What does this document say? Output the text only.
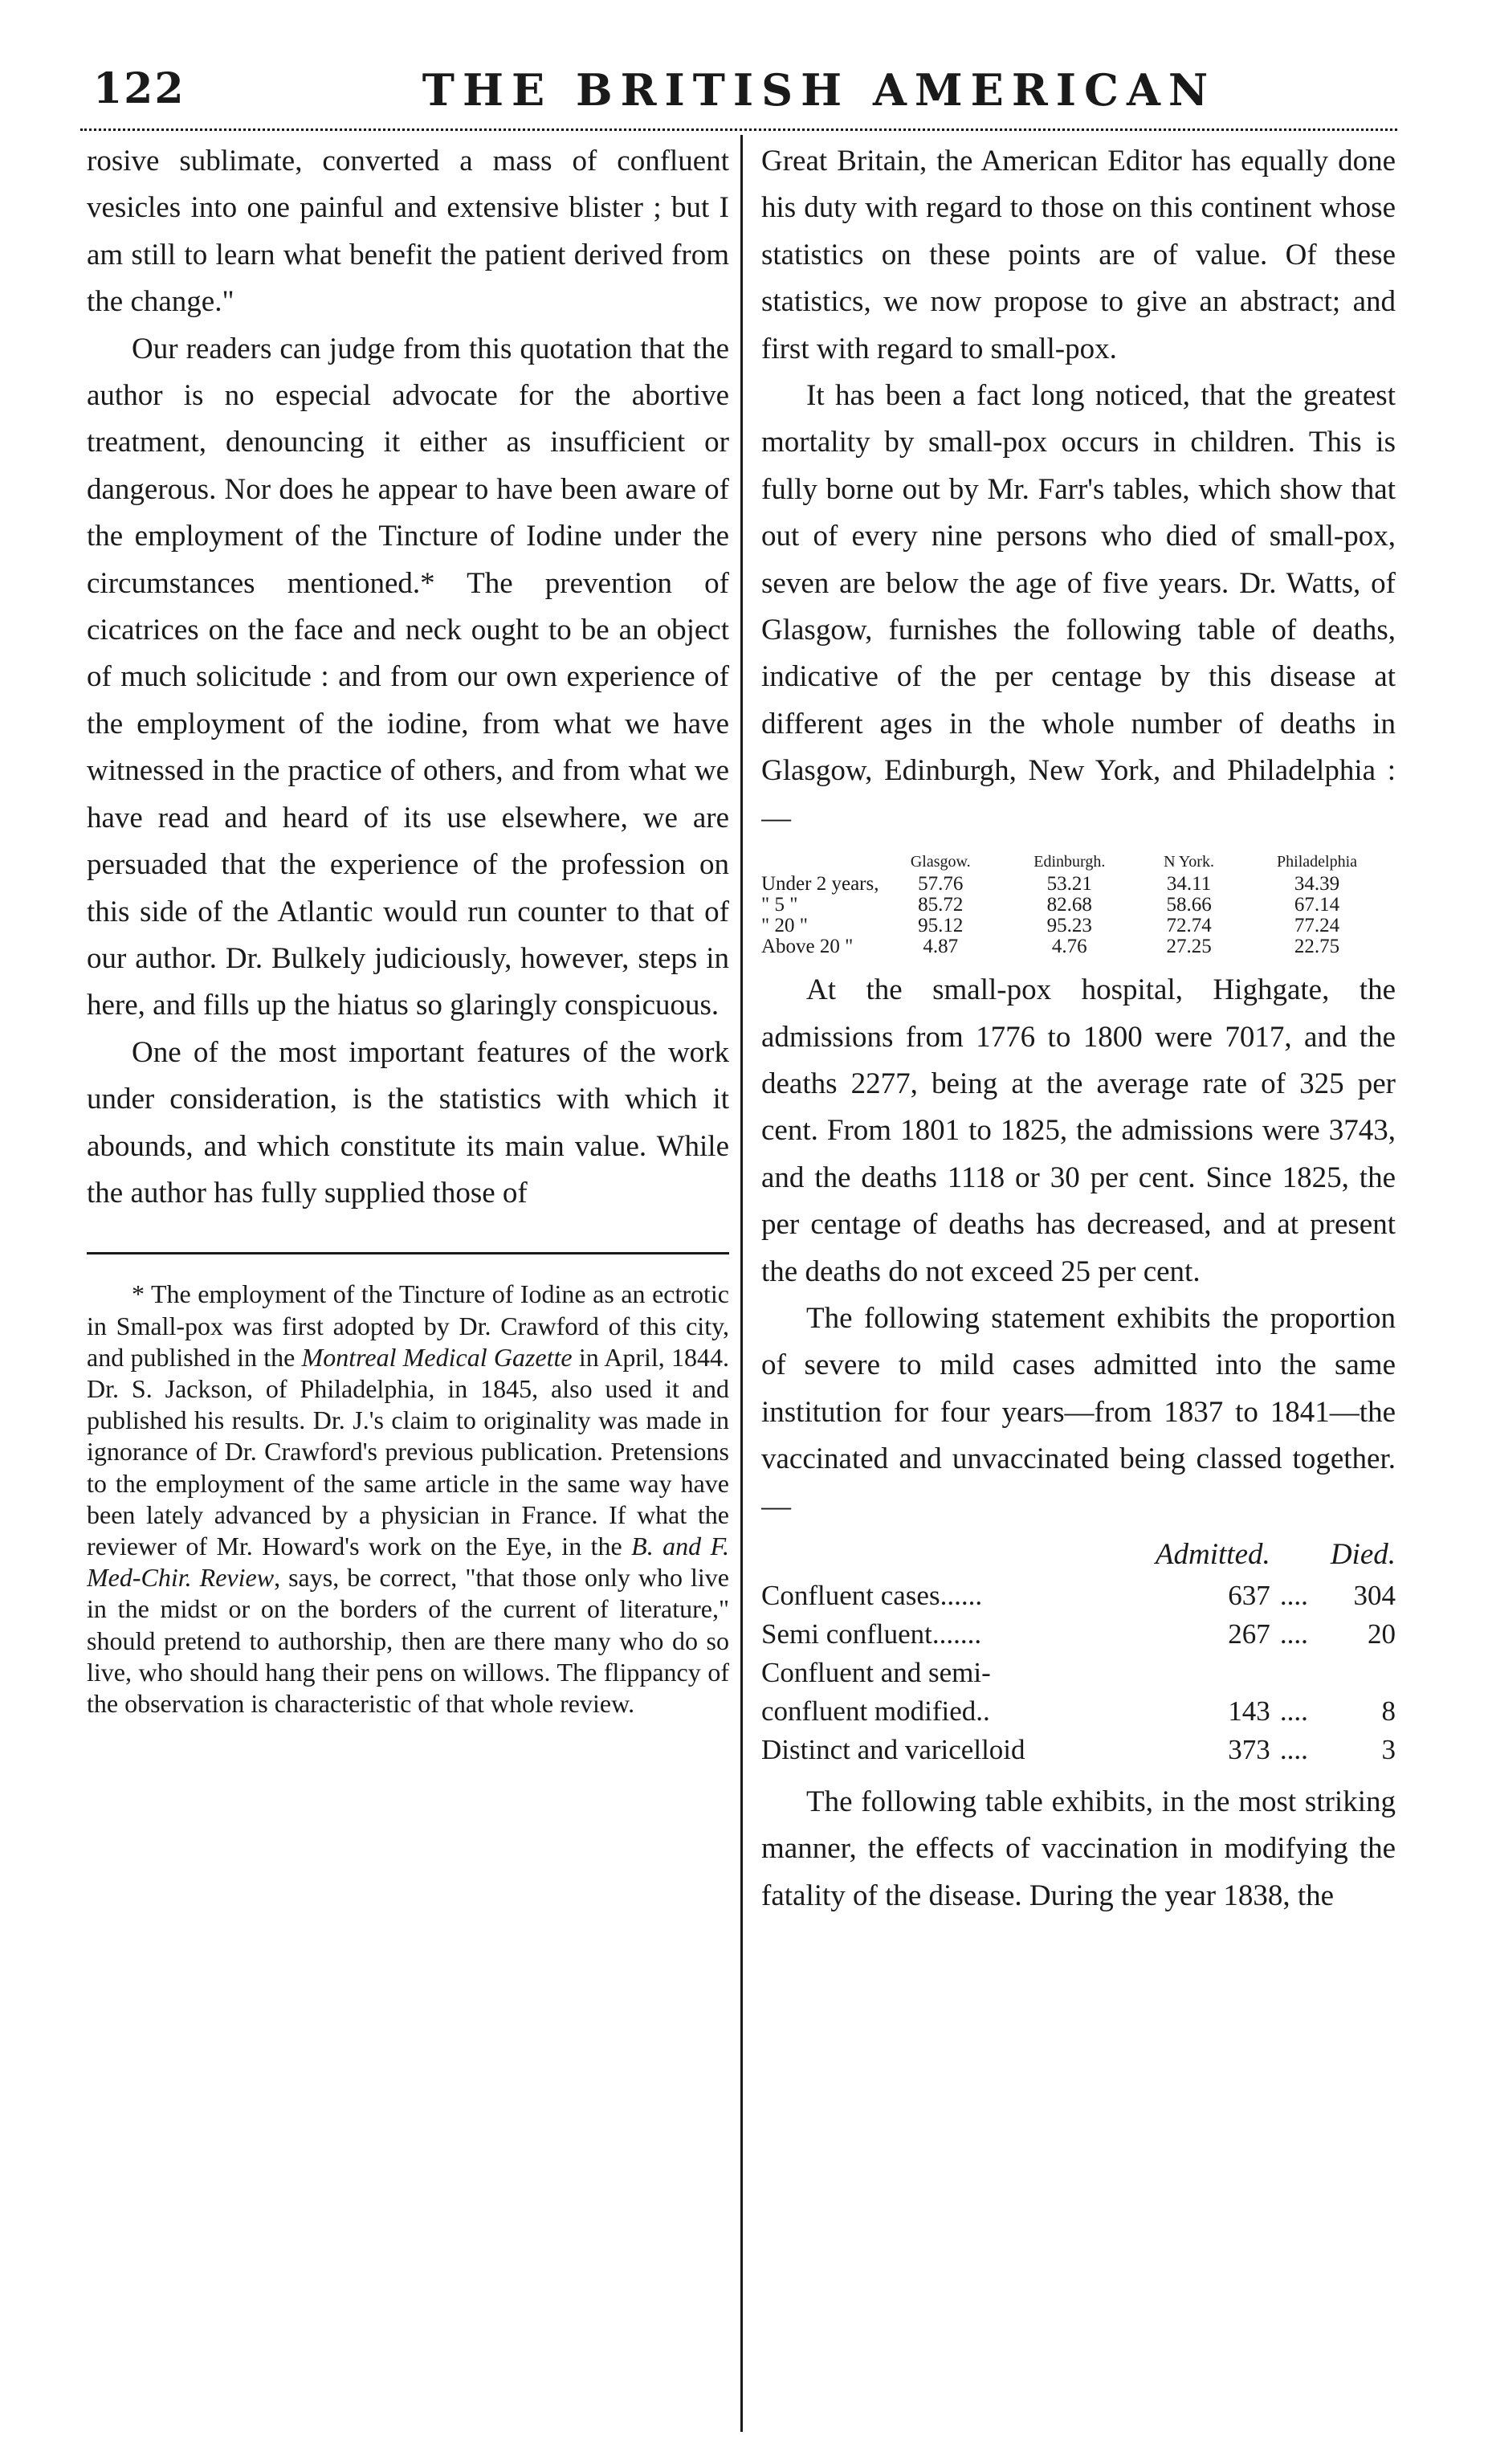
122	THE BRITISH AMERICAN

rosive sublimate, converted a mass of confluent vesicles into one painful and extensive blister ; but I am still to learn what benefit the patient derived from the change."

Our readers can judge from this quotation that the author is no especial advocate for the abortive treatment, denouncing it either as insufficient or dangerous. Nor does he appear to have been aware of the employment of the Tincture of Iodine under the circumstances mentioned.* The prevention of cicatrices on the face and neck ought to be an object of much solicitude : and from our own experience of the employment of the iodine, from what we have witnessed in the practice of others, and from what we have read and heard of its use elsewhere, we are persuaded that the experience of the profession on this side of the Atlantic would run counter to that of our author. Dr. Bulkely judiciously, however, steps in here, and fills up the hiatus so glaringly conspicuous.

One of the most important features of the work under consideration, is the statistics with which it abounds, and which constitute its main value. While the author has fully supplied those of

* The employment of the Tincture of Iodine as an ectrotic in Small-pox was first adopted by Dr. Crawford of this city, and published in the Montreal Medical Gazette in April, 1844. Dr. S. Jackson, of Philadelphia, in 1845, also used it and published his results. Dr. J.'s claim to originality was made in ignorance of Dr. Crawford's previous publication. Pretensions to the employment of the same article in the same way have been lately advanced by a physician in France. If what the reviewer of Mr. Howard's work on the Eye, in the B. and F. Med-Chir. Review, says, be correct, "that those only who live in the midst or on the borders of the current of literature," should pretend to authorship, then are there many who do so live, who should hang their pens on willows. The flippancy of the observation is characteristic of that whole review.

Great Britain, the American Editor has equally done his duty with regard to those on this continent whose statistics on these points are of value. Of these statistics, we now propose to give an abstract; and first with regard to small-pox.

It has been a fact long noticed, that the greatest mortality by small-pox occurs in children. This is fully borne out by Mr. Farr's tables, which show that out of every nine persons who died of small-pox, seven are below the age of five years. Dr. Watts, of Glasgow, furnishes the following table of deaths, indicative of the per centage by this disease at different ages in the whole number of deaths in Glasgow, Edinburgh, New York, and Philadelphia :—

	Glasgow.	Edinburgh.	N York.	Philadelphia
Under 2 years,	57.76	53.21	34.11	34.39
" 5 "	85.72	82.68	58.66	67.14
" 20 "	95.12	95.23	72.74	77.24
Above 20 "	4.87	4.76	27.25	22.75

At the small-pox hospital, Highgate, the admissions from 1776 to 1800 were 7017, and the deaths 2277, being at the average rate of 325 per cent. From 1801 to 1825, the admissions were 3743, and the deaths 1118 or 30 per cent. Since 1825, the per centage of deaths has decreased, and at present the deaths do not exceed 25 per cent.

The following statement exhibits the proportion of severe to mild cases admitted into the same institution for four years—from 1837 to 1841—the vaccinated and unvaccinated being classed together.—

	Admitted.		Died.
Confluent cases......	637	....	304
Semi confluent.......	267	....	20
Confluent and semi-			
confluent modified..	143	....	8
Distinct and varicelloid	373	....	3

The following table exhibits, in the most striking manner, the effects of vaccination in modifying the fatality of the disease. During the year 1838, the
